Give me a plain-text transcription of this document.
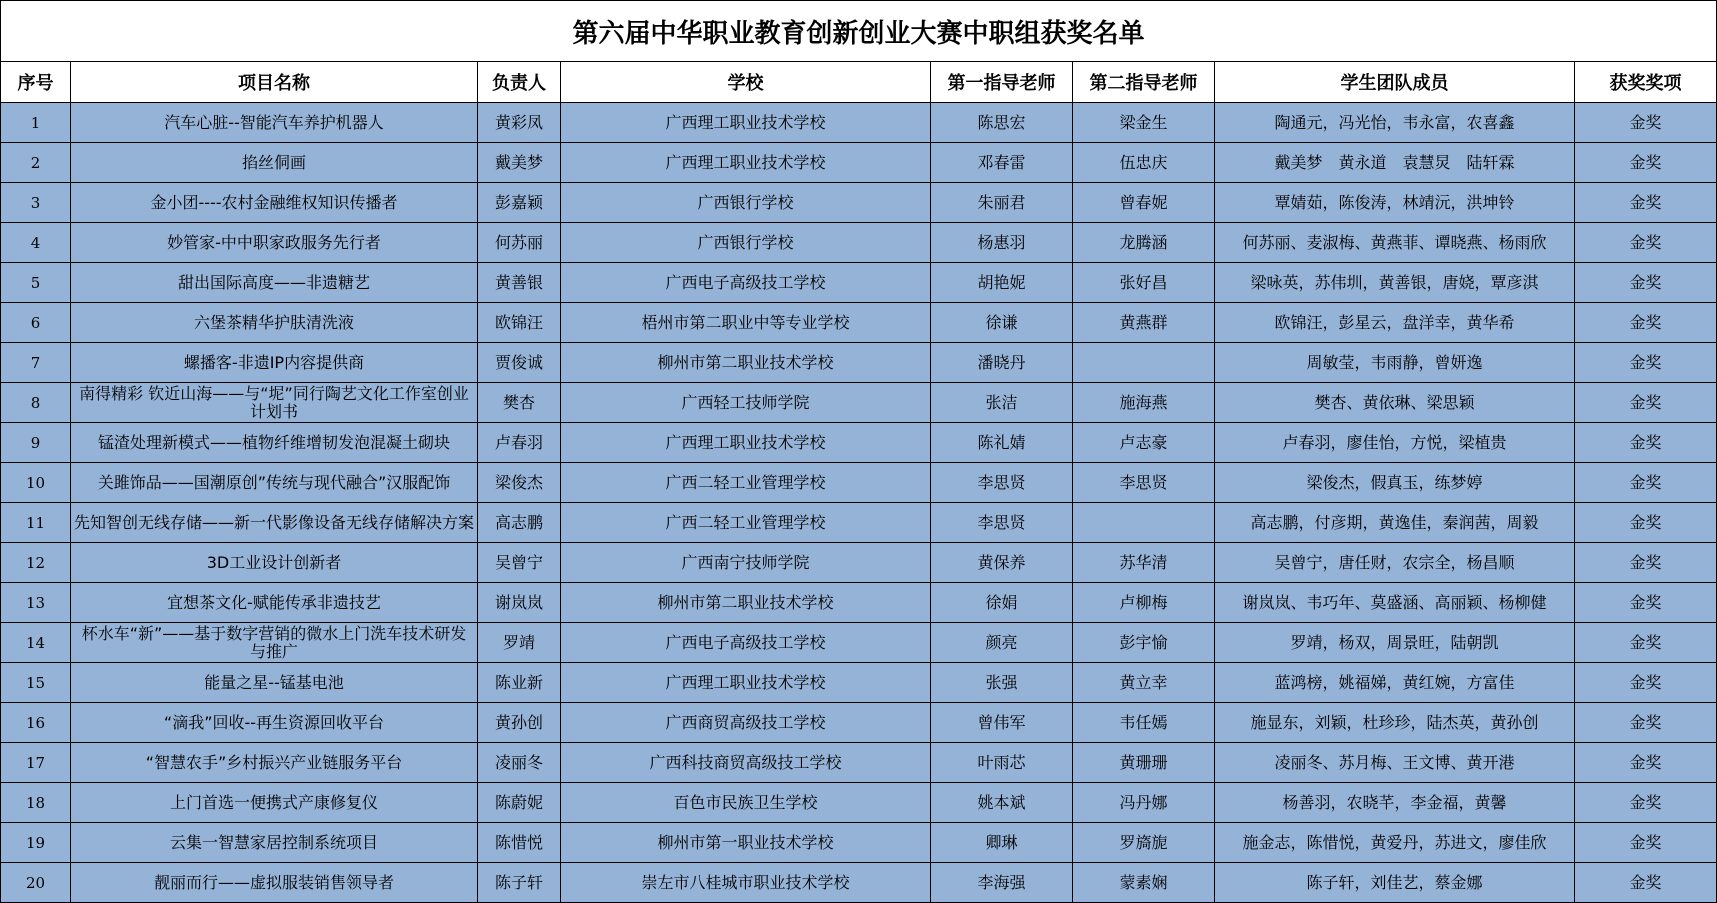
第六届中华职业教育创新创业大赛中职组获奖名单							
序号	项目名称	负责人	学校	第一指导老师	第二指导老师	学生团队成员	获奖奖项
1	汽车心脏--智能汽车养护机器人	黄彩凤	广西理工职业技术学校	陈思宏	梁金生	陶通元，冯光怡，韦永富，农喜鑫	金奖
2	掐丝侗画	戴美梦	广西理工职业技术学校	邓春雷	伍忠庆	戴美梦　黄永道　袁慧炅　陆轩霖	金奖
3	金小团----农村金融维权知识传播者	彭嘉颖	广西银行学校	朱丽君	曾春妮	覃婧茹，陈俊涛，林靖沅，洪坤铃	金奖
4	妙管家-中中职家政服务先行者	何苏丽	广西银行学校	杨惠羽	龙腾涵	何苏丽、麦淑梅、黄燕菲、谭晓燕、杨雨欣	金奖
5	甜出国际高度——非遗糖艺	黄善银	广西电子高级技工学校	胡艳妮	张好昌	梁咏英，苏伟圳，黄善银，唐娆，覃彦淇	金奖
6	六堡茶精华护肤清洗液	欧锦汪	梧州市第二职业中等专业学校	徐谦	黄燕群	欧锦汪，彭星云，盘洋幸，黄华希	金奖
7	螺播客-非遗IP内容提供商	贾俊诚	柳州市第二职业技术学校	潘晓丹		周敏莹，韦雨静，曾妍逸	金奖
8	南得精彩 钦近山海——与“坭”同行陶艺文化工作室创业计划书	樊杏	广西轻工技师学院	张洁	施海燕	樊杏、黄依琳、梁思颖	金奖
9	锰渣处理新模式——植物纤维增韧发泡混凝土砌块	卢春羽	广西理工职业技术学校	陈礼婧	卢志豪	卢春羽，廖佳怡，方悦，梁植贵	金奖
10	关雎饰品——国潮原创”传统与现代融合”汉服配饰	梁俊杰	广西二轻工业管理学校	李思贤	李思贤	梁俊杰，假真玉，练梦婷	金奖
11	先知智创无线存储——新一代影像设备无线存储解决方案	高志鹏	广西二轻工业管理学校	李思贤		高志鹏，付彦期，黄逸佳，秦润茜，周毅	金奖
12	3D工业设计创新者	吴曾宁	广西南宁技师学院	黄保养	苏华清	吴曾宁，唐任财，农宗全，杨昌顺	金奖
13	宜想茶文化-赋能传承非遗技艺	谢岚岚	柳州市第二职业技术学校	徐娟	卢柳梅	谢岚岚、韦巧年、莫盛涵、高丽颖、杨柳健	金奖
14	杯水车“新”——基于数字营销的微水上门洗车技术研发与推广	罗靖	广西电子高级技工学校	颜亮	彭宇愉	罗靖，杨双，周景旺，陆朝凯	金奖
15	能量之星--锰基电池	陈业新	广西理工职业技术学校	张强	黄立幸	蓝鸿榜，姚福娣，黄红婉，方富佳	金奖
16	“滴我”回收--再生资源回收平台	黄孙创	广西商贸高级技工学校	曾伟军	韦任嫣	施显东，刘颖，杜珍珍，陆杰英，黄孙创	金奖
17	“智慧农手”乡村振兴产业链服务平台	凌丽冬	广西科技商贸高级技工学校	叶雨芯	黄珊珊	凌丽冬、苏月梅、王文博、黄开港	金奖
18	上门首选一便携式产康修复仪	陈蔚妮	百色市民族卫生学校	姚本斌	冯丹娜	杨善羽，农晓芊，李金福，黄馨	金奖
19	云集一智慧家居控制系统项目	陈惜悦	柳州市第一职业技术学校	卿琳	罗旖旎	施金志，陈惜悦，黄爱丹，苏进文，廖佳欣	金奖
20	靓丽而行——虚拟服装销售领导者	陈子轩	崇左市八桂城市职业技术学校	李海强	蒙素娴	陈子轩，刘佳艺，蔡金娜	金奖
